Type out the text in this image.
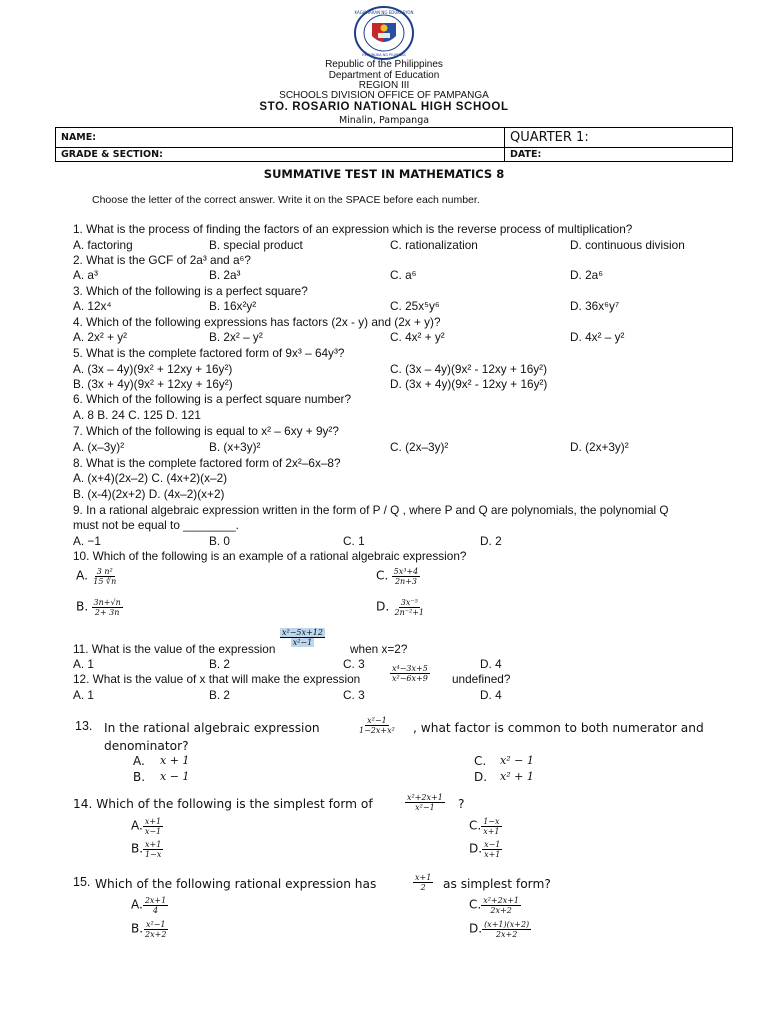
KAGAWARAN NG EDUKASYON
REPUBLIKA NG PILIPINAS
Republic of the Philippines
Department of Education
REGION III
SCHOOLS DIVISION OFFICE OF PAMPANGA
STO. ROSARIO NATIONAL HIGH SCHOOL
Minalin, Pampanga
NAME:	QUARTER 1:
GRADE & SECTION:	DATE:
SUMMATIVE TEST IN MATHEMATICS 8
Choose the letter of the correct answer. Write it on the SPACE before each number.
1. What is the process of finding the factors of an expression which is the reverse process of multiplication?
A. factoring	B. special product	C. rationalization	D. continuous division
2. What is the GCF of 2a³ and a⁶?
A. a³	B. 2a³	C. a⁶	D. 2a⁶
3. Which of the following is a perfect square?
A. 12x⁴	B. 16x²y²	C. 25x⁵y⁶	D. 36x⁶y⁷
4. Which of the following expressions has factors (2x - y) and (2x + y)?
A. 2x² + y²	B. 2x² – y²	C. 4x² + y²	D. 4x² – y²
5. What is the complete factored form of 9x³ – 64y³?
A. (3x – 4y)(9x² + 12xy + 16y²)	C. (3x – 4y)(9x² - 12xy + 16y²)
B. (3x + 4y)(9x² + 12xy + 16y²)	D. (3x + 4y)(9x² - 12xy + 16y²)
6. Which of the following is a perfect square number?
A. 8 B. 24 C. 125 D. 121
7. Which of the following is equal to x² – 6xy + 9y²?
A. (x–3y)²	B. (x+3y)²	C. (2x–3y)²	D. (2x+3y)²
8. What is the complete factored form of 2x²–6x–8?
A. (x+4)(2x–2) C. (4x+2)(x–2)
B. (x-4)(2x+2) D. (4x–2)(x+2)
9. In a rational algebraic expression written in the form of P / Q , where P and Q are polynomials, the polynomial Q
must not be equal to ________.
A. −1	B. 0	C. 1	D. 2
10. Which of the following is an example of a rational algebraic expression?
A. $\frac{\text{3 n²}}{15 ∛n}$	C. $\frac{\text{5x³+4}}{2n+3}$
B. $\frac{3n+√n}{2+ 3n}$	D. $\frac{\text{3x⁻⁵}}{\text{2n⁻²+1}}$
11. What is the value of the expression
$\frac{\text{x²−5x+12}}{\text{x²−1}}$
when x=2?
A. 1	B. 2	C. 3	D. 4
12. What is the value of x that will make the expression	$\frac{\text{x⁴−3x+5}}{\text{x²−6x+9}}$ undefined?
A. 1	B. 2	C. 3	D. 4
13. In the rational algebraic expression	$\frac{\text{x²−1}}{\text{1−2x+x²}}$ , what factor is common to both numerator and
denominator?
A. x + 1
B. x − 1
C. x² − 1
D. x² + 1
14. Which of the following is the simplest form of	$\frac{\text{x²+2x+1}}{\text{x²−1}}$ ?
A. $\frac{x+1}{x-1}$
B. $\frac{x+1}{1-x}$
C. $\frac{1-x}{x+1}$
D. $\frac{x-1}{x+1}$
15. Which of the following rational expression has	$\frac{x+1}{2}$ as simplest form?
A. $\frac{2x+1}{4}$
B. $\frac{\text{x²−1}}{2x+2}$
C. $\frac{\text{x²+2x+1}}{2x+2}$
D. $\frac{(x+1)(x+2)}{2x+2}$
